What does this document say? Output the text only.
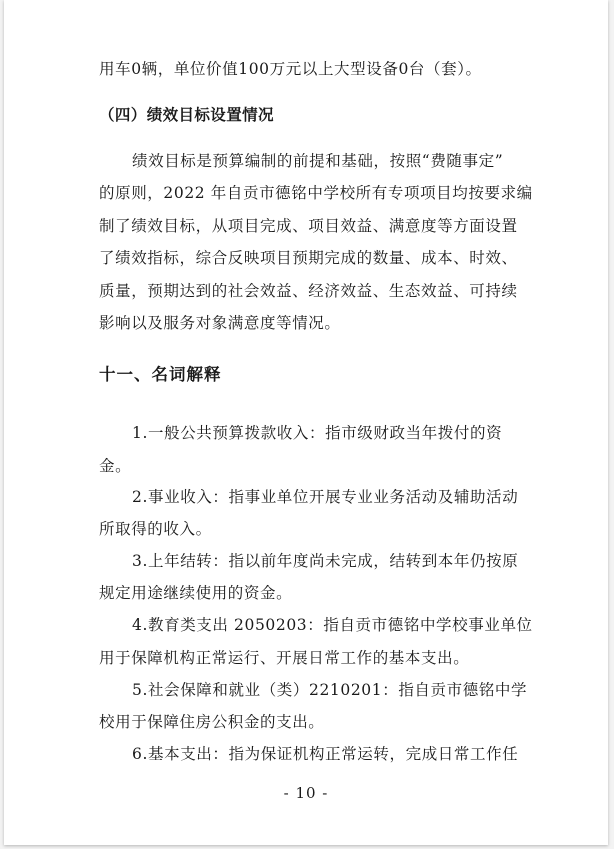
用车0辆，单位价值100万元以上大型设备0台（套）。
（四）绩效目标设置情况
绩效目标是预算编制的前提和基础，按照“费随事定”
的原则，2022 年自贡市德铭中学校所有专项项目均按要求编
制了绩效目标，从项目完成、项目效益、满意度等方面设置
了绩效指标，综合反映项目预期完成的数量、成本、时效、
质量，预期达到的社会效益、经济效益、生态效益、可持续
影响以及服务对象满意度等情况。
十一、名词解释
1.一般公共预算拨款收入：指市级财政当年拨付的资
金。
2.事业收入：指事业单位开展专业业务活动及辅助活动
所取得的收入。
3.上年结转：指以前年度尚未完成，结转到本年仍按原
规定用途继续使用的资金。
4.教育类支出 2050203：指自贡市德铭中学校事业单位
用于保障机构正常运行、开展日常工作的基本支出。
5.社会保障和就业（类）2210201：指自贡市德铭中学
校用于保障住房公积金的支出。
6.基本支出：指为保证机构正常运转，完成日常工作任
- 10 -
